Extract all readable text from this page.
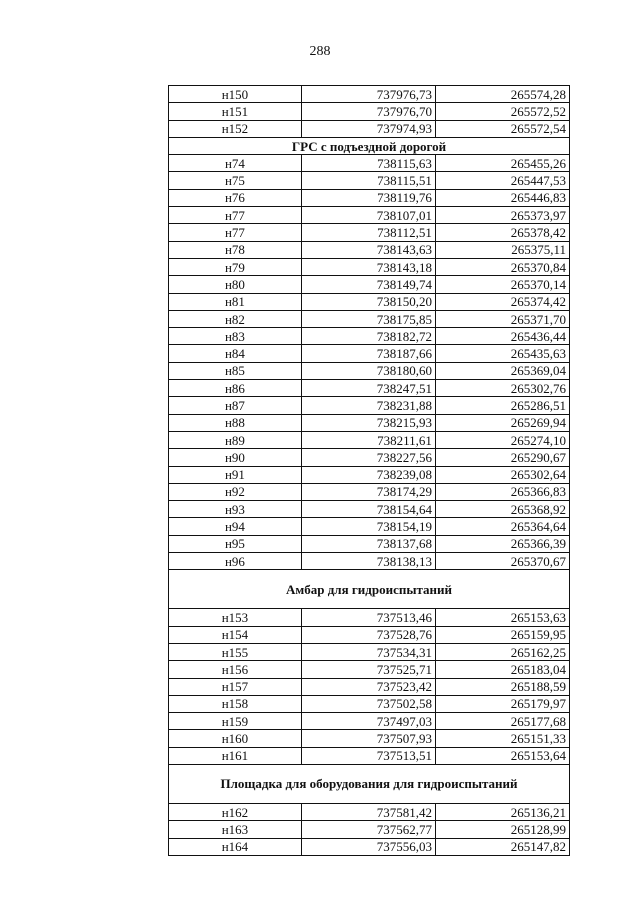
288
н150	737976,73	265574,28
н151	737976,70	265572,52
н152	737974,93	265572,54
ГРС с подъездной дорогой		
н74	738115,63	265455,26
н75	738115,51	265447,53
н76	738119,76	265446,83
н77	738107,01	265373,97
н77	738112,51	265378,42
н78	738143,63	265375,11
н79	738143,18	265370,84
н80	738149,74	265370,14
н81	738150,20	265374,42
н82	738175,85	265371,70
н83	738182,72	265436,44
н84	738187,66	265435,63
н85	738180,60	265369,04
н86	738247,51	265302,76
н87	738231,88	265286,51
н88	738215,93	265269,94
н89	738211,61	265274,10
н90	738227,56	265290,67
н91	738239,08	265302,64
н92	738174,29	265366,83
н93	738154,64	265368,92
н94	738154,19	265364,64
н95	738137,68	265366,39
н96	738138,13	265370,67
Амбар для гидроиспытаний		
н153	737513,46	265153,63
н154	737528,76	265159,95
н155	737534,31	265162,25
н156	737525,71	265183,04
н157	737523,42	265188,59
н158	737502,58	265179,97
н159	737497,03	265177,68
н160	737507,93	265151,33
н161	737513,51	265153,64
Площадка для оборудования для гидроиспытаний		
н162	737581,42	265136,21
н163	737562,77	265128,99
н164	737556,03	265147,82
